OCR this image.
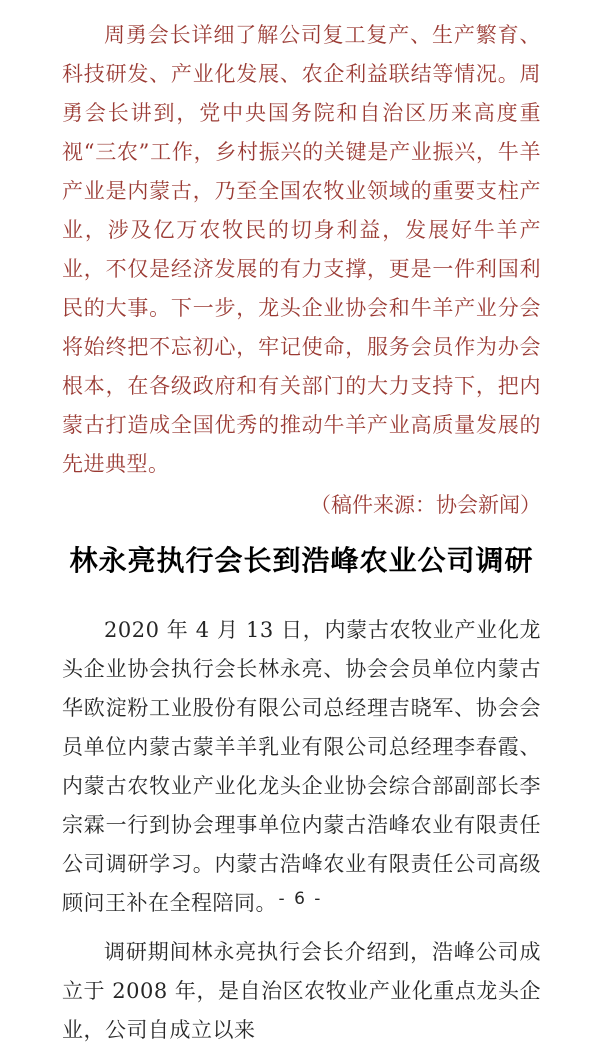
周勇会长详细了解公司复工复产、生产繁育、科技研发、产业化发展、农企利益联结等情况。周勇会长讲到，党中央国务院和自治区历来高度重视“三农”工作，乡村振兴的关键是产业振兴，牛羊产业是内蒙古，乃至全国农牧业领域的重要支柱产业，涉及亿万农牧民的切身利益，发展好牛羊产业，不仅是经济发展的有力支撑，更是一件利国利民的大事。下一步，龙头企业协会和牛羊产业分会将始终把不忘初心，牢记使命，服务会员作为办会根本，在各级政府和有关部门的大力支持下，把内蒙古打造成全国优秀的推动牛羊产业高质量发展的先进典型。

（稿件来源：协会新闻）
林永亮执行会长到浩峰农业公司调研

2020 年 4 月 13 日，内蒙古农牧业产业化龙头企业协会执行会长林永亮、协会会员单位内蒙古华欧淀粉工业股份有限公司总经理吉晓军、协会会员单位内蒙古蒙羊羊乳业有限公司总经理李春霞、内蒙古农牧业产业化龙头企业协会综合部副部长李宗霖一行到协会理事单位内蒙古浩峰农业有限责任公司调研学习。内蒙古浩峰农业有限责任公司高级顾问王补在全程陪同。

调研期间林永亮执行会长介绍到，浩峰公司成立于 2008 年，是自治区农牧业产业化重点龙头企业，公司自成立以来

- 6 -
